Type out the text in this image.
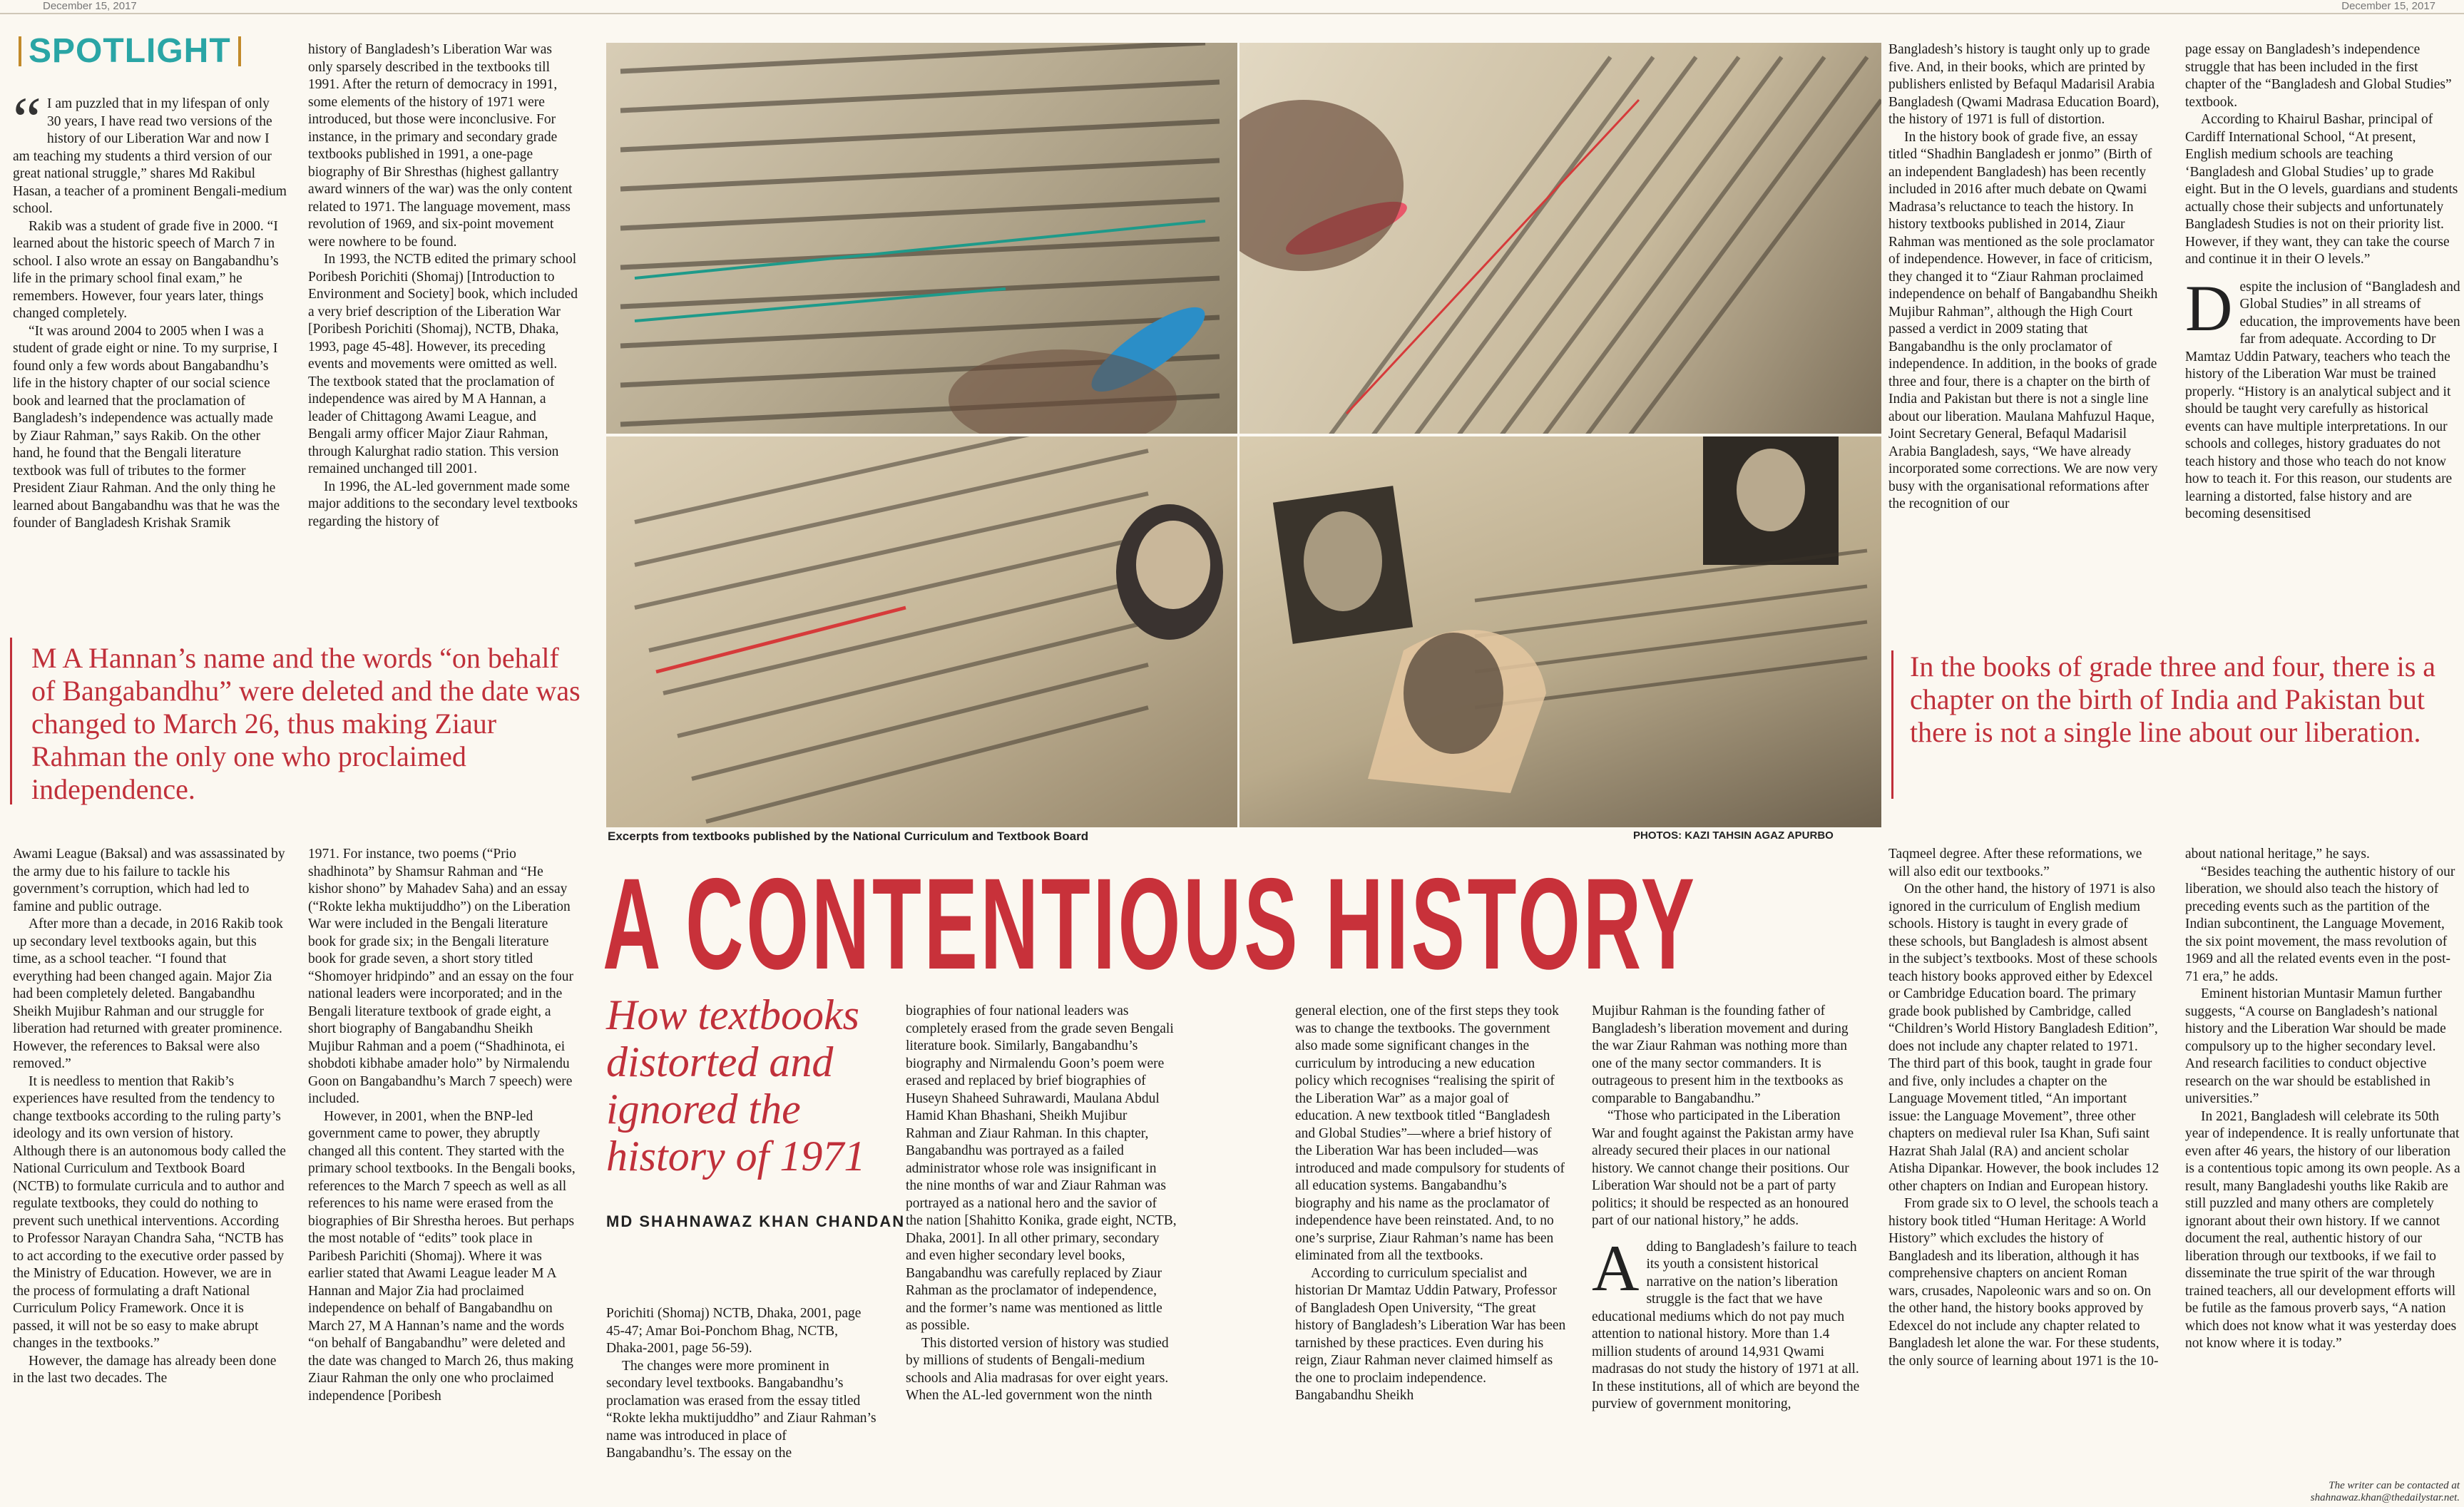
December 15, 2017	December 15, 2017
SPOTLIGHT

“ I am puzzled that in my lifespan of only 30 years, I have read two versions of the history of our Liberation War and now I am teaching my students a third version of our great national struggle,” shares Md Rakibul Hasan, a teacher of a prominent Bengali-medium school.

Rakib was a student of grade five in 2000. “I learned about the historic speech of March 7 in school. I also wrote an essay on Bangabandhu’s life in the primary school final exam,” he remembers. However, four years later, things changed completely.

“It was around 2004 to 2005 when I was a student of grade eight or nine. To my surprise, I found only a few words about Bangabandhu’s life in the history chapter of our social science book and learned that the proclamation of Bangladesh’s independence was actually made by Ziaur Rahman,” says Rakib. On the other hand, he found that the Bengali literature textbook was full of tributes to the former President Ziaur Rahman. And the only thing he learned about Bangabandhu was that he was the founder of Bangladesh Krishak Sramik

history of Bangladesh’s Liberation War was only sparsely described in the textbooks till 1991. After the return of democracy in 1991, some elements of the history of 1971 were introduced, but those were inconclusive. For instance, in the primary and secondary grade textbooks published in 1991, a one-page biography of Bir Shresthas (highest gallantry award winners of the war) was the only content related to 1971. The language movement, mass revolution of 1969, and six-point movement were nowhere to be found.

In 1993, the NCTB edited the primary school Poribesh Porichiti (Shomaj) [Introduction to Environment and Society] book, which included a very brief description of the Liberation War [Poribesh Porichiti (Shomaj), NCTB, Dhaka, 1993, page 45-48]. However, its preceding events and movements were omitted as well. The textbook stated that the proclamation of independence was aired by M A Hannan, a leader of Chittagong Awami League, and Bengali army officer Major Ziaur Rahman, through Kalurghat radio station. This version remained unchanged till 2001.

In 1996, the AL-led government made some major additions to the secondary level textbooks regarding the history of

Bangladesh’s history is taught only up to grade five. And, in their books, which are printed by publishers enlisted by Befaqul Madarisil Arabia Bangladesh (Qwami Madrasa Education Board), the history of 1971 is full of distortion.

In the history book of grade five, an essay titled “Shadhin Bangladesh er jonmo” (Birth of an independent Bangladesh) has been recently included in 2016 after much debate on Qwami Madrasa’s reluctance to teach the history. In history textbooks published in 2014, Ziaur Rahman was mentioned as the sole proclamator of independence. However, in face of criticism, they changed it to “Ziaur Rahman proclaimed independence on behalf of Bangabandhu Sheikh Mujibur Rahman”, although the High Court passed a verdict in 2009 stating that Bangabandhu is the only proclamator of independence. In addition, in the books of grade three and four, there is a chapter on the birth of India and Pakistan but there is not a single line about our liberation. Maulana Mahfuzul Haque, Joint Secretary General, Befaqul Madarisil Arabia Bangladesh, says, “We have already incorporated some corrections. We are now very busy with the organisational reformations after the recognition of our

page essay on Bangladesh’s independence struggle that has been included in the first chapter of the “Bangladesh and Global Studies” textbook.

According to Khairul Bashar, principal of Cardiff International School, “At present, English medium schools are teaching ‘Bangladesh and Global Studies’ up to grade eight. But in the O levels, guardians and students actually chose their subjects and unfortunately Bangladesh Studies is not on their priority list. However, if they want, they can take the course and continue it in their O levels.”

Despite the inclusion of “Bangladesh and Global Studies” in all streams of education, the improvements have been far from adequate. According to Dr Mamtaz Uddin Patwary, teachers who teach the history of the Liberation War must be trained properly. “History is an analytical subject and it should be taught very carefully as historical events can have multiple interpretations. In our schools and colleges, history graduates do not teach history and those who teach do not know how to teach it. For this reason, our students are learning a distorted, false history and are becoming desensitised

M A Hannan’s name and the words “on behalf of Bangabandhu” were deleted and the date was changed to March 26, thus making Ziaur Rahman the only one who proclaimed independence.
In the books of grade three and four, there is a chapter on the birth of India and Pakistan but there is not a single line about our liberation.
Excerpts from textbooks published by the National Curriculum and Textbook Board	PHOTOS: KAZI TAHSIN AGAZ APURBO
A CONTENTIOUS HISTORY
How textbooks distorted and ignored the history of 1971
MD SHAHNAWAZ KHAN CHANDAN

Awami League (Baksal) and was assassinated by the army due to his failure to tackle his government’s corruption, which had led to famine and public outrage.

After more than a decade, in 2016 Rakib took up secondary level textbooks again, but this time, as a school teacher. “I found that everything had been changed again. Major Zia had been completely deleted. Bangabandhu Sheikh Mujibur Rahman and our struggle for liberation had returned with greater prominence. However, the references to Baksal were also removed.”

It is needless to mention that Rakib’s experiences have resulted from the tendency to change textbooks according to the ruling party’s ideology and its own version of history. Although there is an autonomous body called the National Curriculum and Textbook Board (NCTB) to formulate curricula and to author and regulate textbooks, they could do nothing to prevent such unethical interventions. According to Professor Narayan Chandra Saha, “NCTB has to act according to the executive order passed by the Ministry of Education. However, we are in the process of formulating a draft National Curriculum Policy Framework. Once it is passed, it will not be so easy to make abrupt changes in the textbooks.”

However, the damage has already been done in the last two decades. The

1971. For instance, two poems (“Prio shadhinota” by Shamsur Rahman and “He kishor shono” by Mahadev Saha) and an essay (“Rokte lekha muktijuddho”) on the Liberation War were included in the Bengali literature book for grade six; in the Bengali literature book for grade seven, a short story titled “Shomoyer hridpindo” and an essay on the four national leaders were incorporated; and in the Bengali literature textbook of grade eight, a short biography of Bangabandhu Sheikh Mujibur Rahman and a poem (“Shadhinota, ei shobdoti kibhabe amader holo” by Nirmalendu Goon on Bangabandhu’s March 7 speech) were included.

However, in 2001, when the BNP-led government came to power, they abruptly changed all this content. They started with the primary school textbooks. In the Bengali books, references to the March 7 speech as well as all references to his name were erased from the biographies of Bir Shrestha heroes. But perhaps the most notable of “edits” took place in Paribesh Parichiti (Shomaj). Where it was earlier stated that Awami League leader M A Hannan and Major Zia had proclaimed independence on behalf of Bangabandhu on March 27, M A Hannan’s name and the words “on behalf of Bangabandhu” were deleted and the date was changed to March 26, thus making Ziaur Rahman the only one who proclaimed independence [Poribesh

Porichiti (Shomaj) NCTB, Dhaka, 2001, page 45-47; Amar Boi-Ponchom Bhag, NCTB, Dhaka-2001, page 56-59).

The changes were more prominent in secondary level textbooks. Bangabandhu’s proclamation was erased from the essay titled “Rokte lekha muktijuddho” and Ziaur Rahman’s name was introduced in place of Bangabandhu’s. The essay on the

biographies of four national leaders was completely erased from the grade seven Bengali literature book. Similarly, Bangabandhu’s biography and Nirmalendu Goon’s poem were erased and replaced by brief biographies of Huseyn Shaheed Suhrawardi, Maulana Abdul Hamid Khan Bhashani, Sheikh Mujibur Rahman and Ziaur Rahman. In this chapter, Bangabandhu was portrayed as a failed administrator whose role was insignificant in the nine months of war and Ziaur Rahman was portrayed as a national hero and the savior of the nation [Shahitto Konika, grade eight, NCTB, Dhaka, 2001]. In all other primary, secondary and even higher secondary level books, Bangabandhu was carefully replaced by Ziaur Rahman as the proclamator of independence, and the former’s name was mentioned as little as possible.

This distorted version of history was studied by millions of students of Bengali-medium schools and Alia madrasas for over eight years. When the AL-led government won the ninth

general election, one of the first steps they took was to change the textbooks. The government also made some significant changes in the curriculum by introducing a new education policy which recognises “realising the spirit of the Liberation War” as a major goal of education. A new textbook titled “Bangladesh and Global Studies”—where a brief history of the Liberation War has been included—was introduced and made compulsory for students of all education systems. Bangabandhu’s biography and his name as the proclamator of independence have been reinstated. And, to no one’s surprise, Ziaur Rahman’s name has been eliminated from all the textbooks.

According to curriculum specialist and historian Dr Mamtaz Uddin Patwary, Professor of Bangladesh Open University, “The great history of Bangladesh’s Liberation War has been tarnished by these practices. Even during his reign, Ziaur Rahman never claimed himself as the one to proclaim independence. Bangabandhu Sheikh

Mujibur Rahman is the founding father of Bangladesh’s liberation movement and during the war Ziaur Rahman was nothing more than one of the many sector commanders. It is outrageous to present him in the textbooks as comparable to Bangabandhu.”

“Those who participated in the Liberation War and fought against the Pakistan army have already secured their places in our national history. We cannot change their positions. Our Liberation War should not be a part of party politics; it should be respected as an honoured part of our national history,” he adds.

Adding to Bangladesh’s failure to teach its youth a consistent historical narrative on the nation’s liberation struggle is the fact that we have educational mediums which do not pay much attention to national history. More than 1.4 million students of around 14,931 Qwami madrasas do not study the history of 1971 at all. In these institutions, all of which are beyond the purview of government monitoring,

Taqmeel degree. After these reformations, we will also edit our textbooks.”

On the other hand, the history of 1971 is also ignored in the curriculum of English medium schools. History is taught in every grade of these schools, but Bangladesh is almost absent in the subject’s textbooks. Most of these schools teach history books approved either by Edexcel or Cambridge Education board. The primary grade book published by Cambridge, called “Children’s World History Bangladesh Edition”, does not include any chapter related to 1971. The third part of this book, taught in grade four and five, only includes a chapter on the Language Movement titled, “An important issue: the Language Movement”, three other chapters on medieval ruler Isa Khan, Sufi saint Hazrat Shah Jalal (RA) and ancient scholar Atisha Dipankar. However, the book includes 12 other chapters on Indian and European history.

From grade six to O level, the schools teach a history book titled “Human Heritage: A World History” which excludes the history of Bangladesh and its liberation, although it has comprehensive chapters on ancient Roman wars, crusades, Napoleonic wars and so on. On the other hand, the history books approved by Edexcel do not include any chapter related to Bangladesh let alone the war. For these students, the only source of learning about 1971 is the 10-

about national heritage,” he says.

“Besides teaching the authentic history of our liberation, we should also teach the history of preceding events such as the partition of the Indian subcontinent, the Language Movement, the six point movement, the mass revolution of 1969 and all the related events even in the post-71 era,” he adds.

Eminent historian Muntasir Mamun further suggests, “A course on Bangladesh’s national history and the Liberation War should be made compulsory up to the higher secondary level. And research facilities to conduct objective research on the war should be established in universities.”

In 2021, Bangladesh will celebrate its 50th year of independence. It is really unfortunate that even after 46 years, the history of our liberation is a contentious topic among its own people. As a result, many Bangladeshi youths like Rakib are still puzzled and many others are completely ignorant about their own history. If we cannot document the real, authentic history of our liberation through our textbooks, if we fail to disseminate the true spirit of the war through trained teachers, all our development efforts will be futile as the famous proverb says, “A nation which does not know what it was yesterday does not know where it is today.”

The writer can be contacted at
shahnawaz.khan@thedailystar.net.
